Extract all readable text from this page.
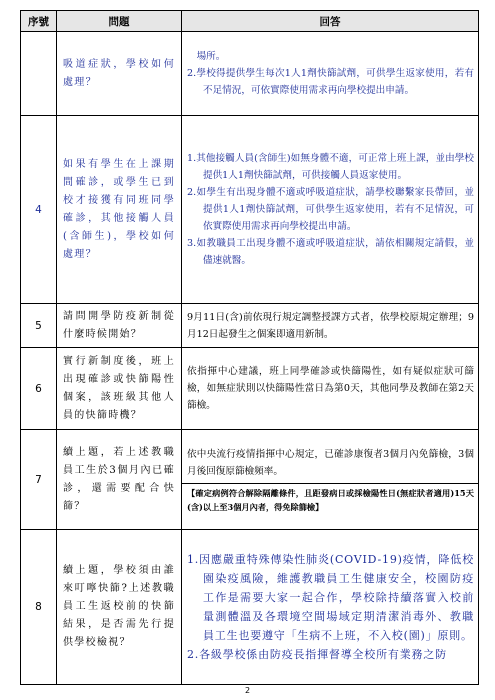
序號	問題	回答
	吸道症狀，學校如何處理？	　場所。
2.學校得提供學生每次1人1劑快篩試劑，可供學生返家使用，若有不足情況，可依實際使用需求再向學校提出申請。

4	如果有學生在上課期間確診，或學生已到校才接獲有同班同學確診，其他接觸人員(含師生)，學校如何處理？	1.其他接觸人員(含師生)如無身體不適，可正常上班上課，並由學校提供1人1劑快篩試劑，可供接觸人員返家使用。
2.如學生有出現身體不適或呼吸道症狀，請學校聯繫家長帶回，並提供1人1劑快篩試劑，可供學生返家使用，若有不足情況，可依實際使用需求再向學校提出申請。
3.如教職員工出現身體不適或呼吸道症狀，請依相關規定請假，並儘速就醫。

5	請問開學防疫新制從什麼時候開始？	9月11日(含)前依現行規定調整授課方式者，依學校原規定辦理；9月12日起發生之個案即適用新制。

6	實行新制度後，班上出現確診或快篩陽性個案，該班級其他人員的快篩時機？	依指揮中心建議，班上同學確診或快篩陽性，如有疑似症狀可篩檢，如無症狀則以快篩陽性當日為第0天，其他同學及教師在第2天篩檢。

7	續上題，若上述教職員工生於3個月內已確診，還需要配合快篩？	依中央流行疫情指揮中心規定，已確診康復者3個月內免篩檢，3個月後回復原篩檢頻率。
【確定病例符合解除隔離條件，且距發病日或採檢陽性日(無症狀者適用)15天(含)以上至3個月內者，得免除篩檢】

8	續上題，學校須由誰來叮嚀快篩?上述教職員工生返校前的快篩結果，是否需先行提供學校檢視？	1.因應嚴重特殊傳染性肺炎(COVID-19)疫情，降低校園染疫風險，維護教職員工生健康安全，校園防疫工作是需要大家一起合作，學校除持續落實入校前量測體溫及各環境空間場域定期清潔消毒外、教職員工生也要遵守「生病不上班，不入校(園)」原則。
2.各級學校係由防疫長指揮督導全校所有業務之防
2
